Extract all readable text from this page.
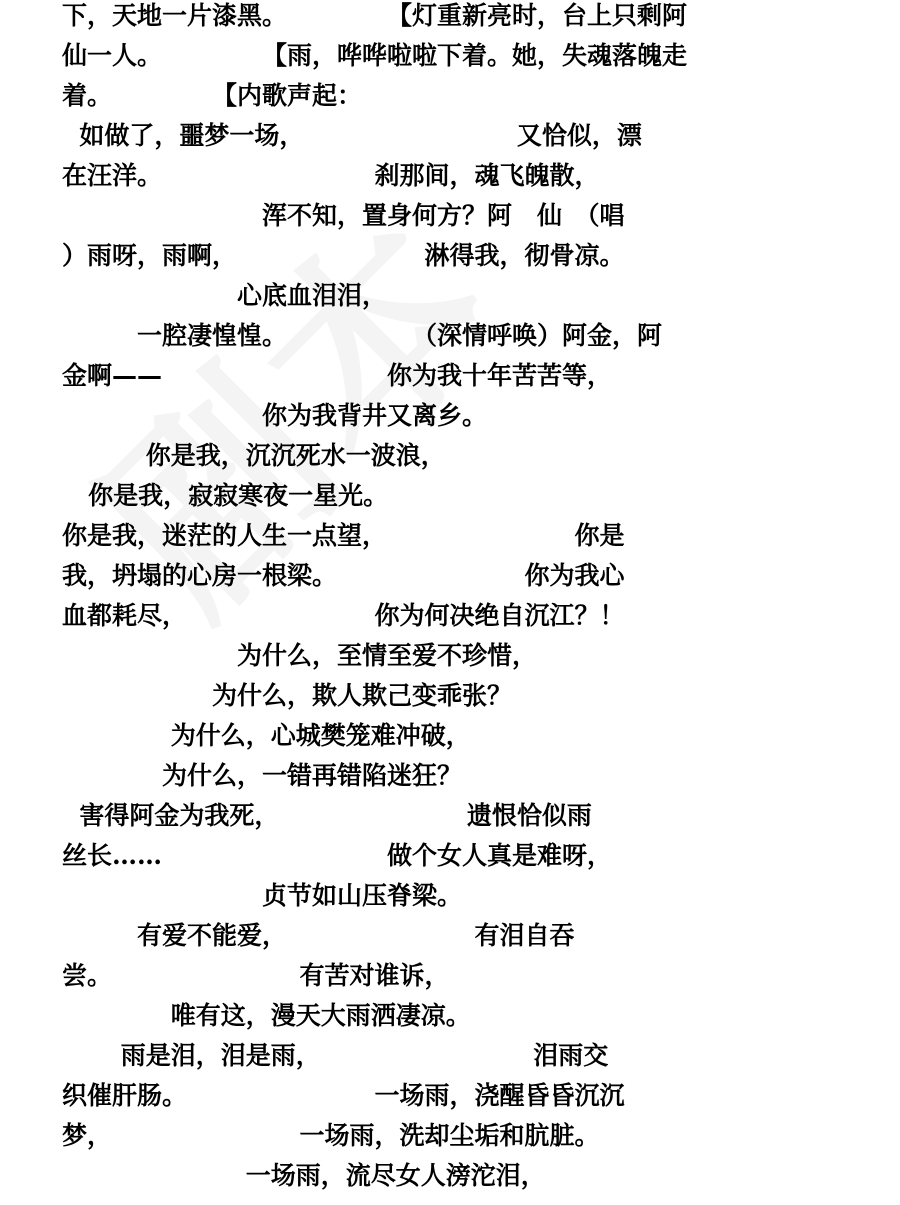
下，天地一片漆黑。　　　　　【灯重新亮时，台上只剩阿
仙一人。　　　　　【雨，哗哗啦啦下着。她，失魂落魄走
着。　　　　　【内歌声起：
如做了，噩梦一场，　　　　　　　　　又恰似，漂
在汪洋。　　　　　　　　　刹那间，魂飞魄散，
　　　　　　　　浑不知，置身何方？阿　仙　（唱
）雨呀，雨啊，　　　　　　　　淋得我，彻骨凉。
　　　　　　　心底血泪泪，
　　　一腔凄惶惶。　　　　　　（深情呼唤）阿金，阿
金啊——　　　　　　　　　你为我十年苦苦等，
　　　　　　　　你为我背井又离乡。
　　　 你是我，沉沉死水一波浪，
你是我，寂寂寒夜一星光。
你是我，迷茫的人生一点望，　　　　　　　　你是
我，坍塌的心房一根梁。　　　　　　　　你为我心
血都耗尽，　　　　　　　　你为何决绝自沉江？！
　　　　　　　为什么，至情至爱不珍惜，
　　　　　　为什么，欺人欺己变乖张？
　　　　 为什么，心城樊笼难冲破，
　　　　为什么，一错再错陷迷狂？
害得阿金为我死，　　　　　　　　遗恨恰似雨
丝长……　　　　　　　　　做个女人真是难呀，
　　　　　　　　贞节如山压脊梁。
　　　有爱不能爱，　　　　　　　　有泪自吞
尝。　　　　　　　　有苦对谁诉，
　　　　 唯有这，漫天大雨洒凄凉。
　　 雨是泪，泪是雨，　　　　　　　　　泪雨交
织催肝肠。　　　　　　　　一场雨，浇醒昏昏沉沉
梦，　　　　　　　　一场雨，洗却尘垢和肮脏。
　　　　　　　 一场雨，流尽女人滂沱泪，
